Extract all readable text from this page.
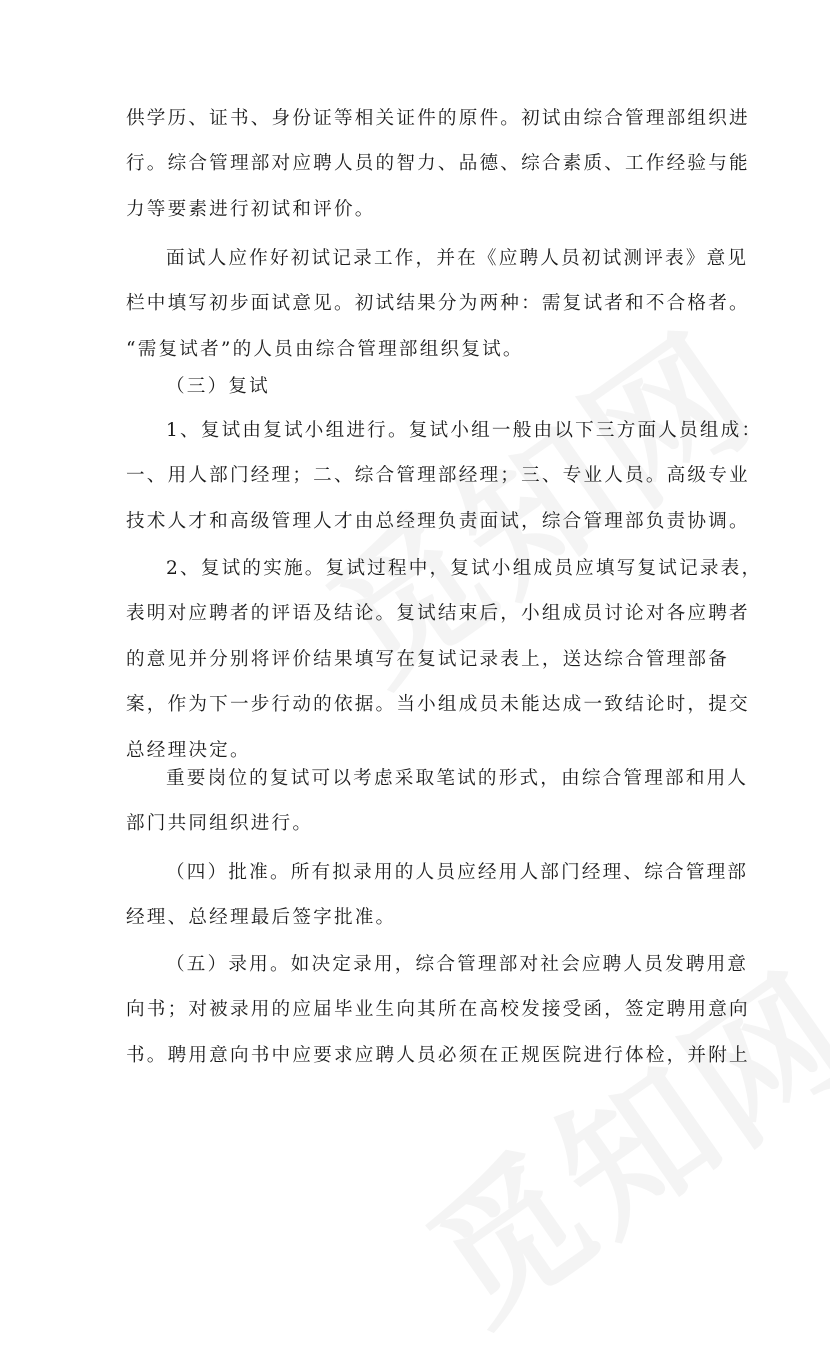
供学历、证书、身份证等相关证件的原件。初试由综合管理部组织进
行。综合管理部对应聘人员的智力、品德、综合素质、工作经验与能
力等要素进行初试和评价。

面试人应作好初试记录工作，并在《应聘人员初试测评表》意见
栏中填写初步面试意见。初试结果分为两种：需复试者和不合格者。
“需复试者”的人员由综合管理部组织复试。

（三）复试

1、复试由复试小组进行。复试小组一般由以下三方面人员组成：
一、用人部门经理；二、综合管理部经理；三、专业人员。高级专业
技术人才和高级管理人才由总经理负责面试，综合管理部负责协调。

2、复试的实施。复试过程中，复试小组成员应填写复试记录表，
表明对应聘者的评语及结论。复试结束后，小组成员讨论对各应聘者
的意见并分别将评价结果填写在复试记录表上，送达综合管理部备
案，作为下一步行动的依据。当小组成员未能达成一致结论时，提交
总经理决定。

重要岗位的复试可以考虑采取笔试的形式，由综合管理部和用人
部门共同组织进行。

（四）批准。所有拟录用的人员应经用人部门经理、综合管理部
经理、总经理最后签字批准。

（五）录用。如决定录用，综合管理部对社会应聘人员发聘用意
向书；对被录用的应届毕业生向其所在高校发接受函，签定聘用意向
书。聘用意向书中应要求应聘人员必须在正规医院进行体检，并附上
